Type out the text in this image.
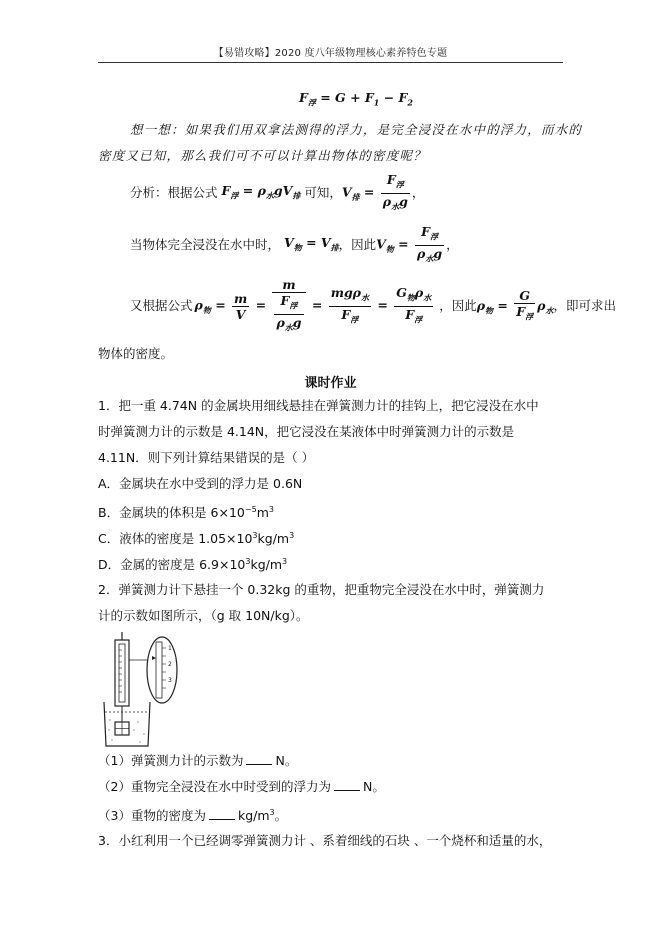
【易错攻略】2020 度八年级物理核心素养特色专题
$F_浮 = G + F_1 - F_2$
想一想：如果我们用双拿法测得的浮力，是完全浸没在水中的浮力，而水的
密度又已知，那么我们可不可以计算出物体的密度呢？
分析：根据公式 $F_浮 = \rho_水gV_排$ 可知， $V_排 = \frac{F_浮}{\rho_水g}$ ，
当物体完全浸没在水中时， $V_物 = V_排$ ，因此 $V_物 = \frac{F_浮}{\rho_水g}$ ，
又根据公式 $\rho_物 = \frac{m}{V} = \frac{m}{\frac{F_浮}{\rho_水g}} = \frac{mg\rho_水}{F_浮} = \frac{G_物\rho_水}{F_浮}$ ，因此 $\rho_物 = \frac{G}{F_浮} \rho_水$ ，即可求出
物体的密度。
课时作业
1．把一重 4.74N 的金属块用细线悬挂在弹簧测力计的挂钩上，把它浸没在水中
时弹簧测力计的示数是 4.14N，把它浸没在某液体中时弹簧测力计的示数是
4.11N．则下列计算结果错误的是（ ）
A．金属块在水中受到的浮力是 0.6N
B．金属块的体积是 $6\times 10^{-5}m^3$
C．液体的密度是 $1.05\times 10^3kg/m^3$
D．金属的密度是 $6.9\times 10^3kg/m^3$
2．弹簧测力计下悬挂一个 0.32kg 的重物，把重物完全浸没在水中时，弹簧测力
计的示数如图所示，（g 取 10N/kg）。
1
2
3
（1）弹簧测力计的示数为	N。
（2）重物完全浸没在水中时受到的浮力为	N。
（3）重物的密度为	$kg/m^3$。
3．小红利用一个已经调零弹簧测力计 、系着细线的石块 、一个烧杯和适量的水，
